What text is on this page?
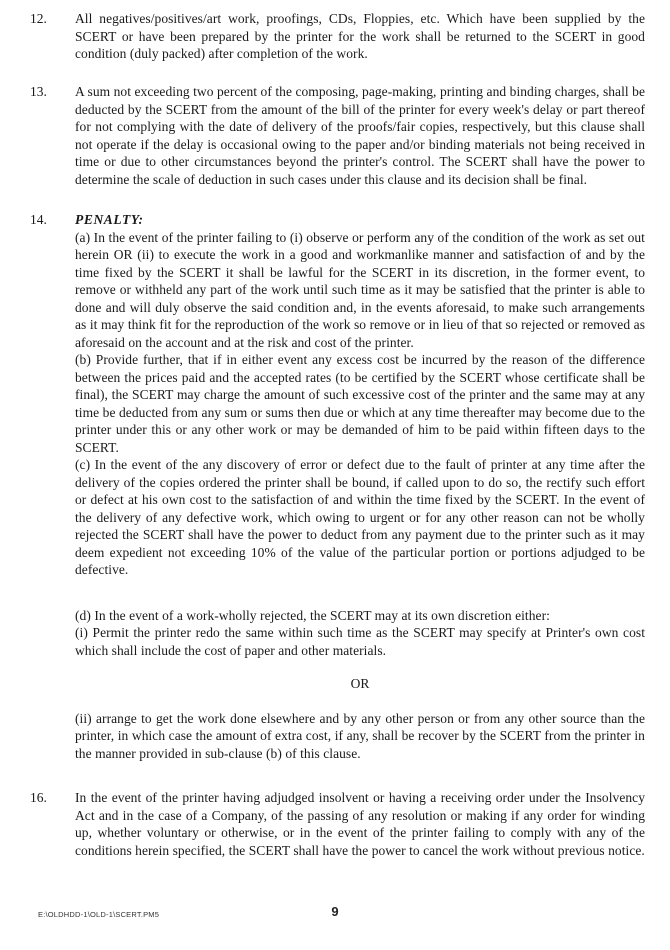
12. All negatives/positives/art work, proofings, CDs, Floppies, etc. Which have been supplied by the SCERT or have been prepared by the printer for the work shall be returned to the SCERT in good condition (duly packed) after completion of the work.

13. A sum not exceeding two percent of the composing, page-making, printing and binding charges, shall be deducted by the SCERT from the amount of the bill of the printer for every week's delay or part thereof for not complying with the date of delivery of the proofs/fair copies, respectively, but this clause shall not operate if the delay is occasional owing to the paper and/or binding materials not being received in time or due to other circumstances beyond the printer's control. The SCERT shall have the power to determine the scale of deduction in such cases under this clause and its decision shall be final.

14. PENALTY:

(a) In the event of the printer failing to (i) observe or perform any of the condition of the work as set out herein OR (ii) to execute the work in a good and workmanlike manner and satisfaction of and by the time fixed by the SCERT it shall be lawful for the SCERT in its discretion, in the former event, to remove or withheld any part of the work until such time as it may be satisfied that the printer is able to done and will duly observe the said condition and, in the events aforesaid, to make such arrangements as it may think fit for the reproduction of the work so remove or in lieu of that so rejected or removed as aforesaid on the account and at the risk and cost of the printer.

(b) Provide further, that if in either event any excess cost be incurred by the reason of the difference between the prices paid and the accepted rates (to be certified by the SCERT whose certificate shall be final), the SCERT may charge the amount of such excessive cost of the printer and the same may at any time be deducted from any sum or sums then due or which at any time thereafter may become due to the printer under this or any other work or may be demanded of him to be paid within fifteen days to the SCERT.

(c) In the event of the any discovery of error or defect due to the fault of printer at any time after the delivery of the copies ordered the printer shall be bound, if called upon to do so, the rectify such effort or defect at his own cost to the satisfaction of and within the time fixed by the SCERT. In the event of the delivery of any defective work, which owing to urgent or for any other reason can not be wholly rejected the SCERT shall have the power to deduct from any payment due to the printer such as it may deem expedient not exceeding 10% of the value of the particular portion or portions adjudged to be defective.

(d) In the event of a work-wholly rejected, the SCERT may at its own discretion either:

(i) Permit the printer redo the same within such time as the SCERT may specify at Printer's own cost which shall include the cost of paper and other materials.

OR

(ii) arrange to get the work done elsewhere and by any other person or from any other source than the printer, in which case the amount of extra cost, if any, shall be recover by the SCERT from the printer in the manner provided in sub-clause (b) of this clause.

16. In the event of the printer having adjudged insolvent or having a receiving order under the Insolvency Act and in the case of a Company, of the passing of any resolution or making if any order for winding up, whether voluntary or otherwise, or in the event of the printer failing to comply with any of the conditions herein specified, the SCERT shall have the power to cancel the work without previous notice.

E:\OLDHDD-1\OLD-1\SCERT.PM5	9
